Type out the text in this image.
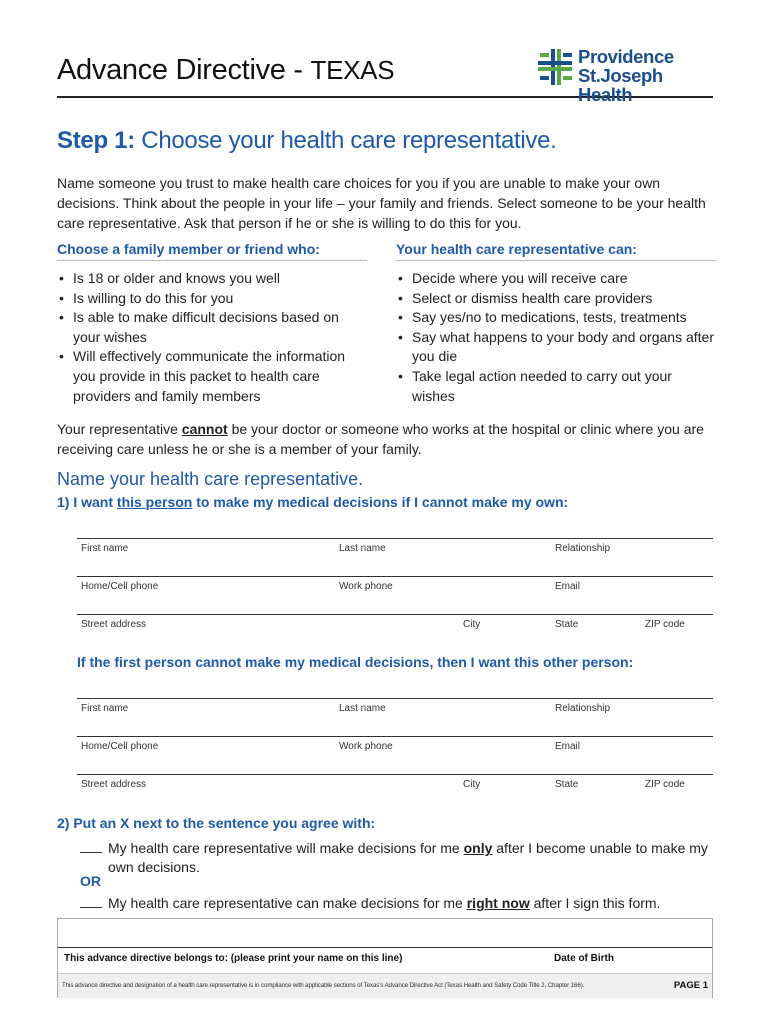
Advance Directive - TEXAS	Providence
St.Joseph Health
Step 1: Choose your health care representative.

Name someone you trust to make health care choices for you if you are unable to make your own decisions. Think about the people in your life – your family and friends. Select someone to be your health care representative. Ask that person if he or she is willing to do this for you.

Choose a family member or friend who:
• Is 18 or older and knows you well
• Is willing to do this for you
• Is able to make difficult decisions based on your wishes
• Will effectively communicate the information you provide in this packet to health care providers and family members
Your health care representative can:
• Decide where you will receive care
• Select or dismiss health care providers
• Say yes/no to medications, tests, treatments
• Say what happens to your body and organs after you die
• Take legal action needed to carry out your wishes

Your representative cannot be your doctor or someone who works at the hospital or clinic where you are receiving care unless he or she is a member of your family.

Name your health care representative.
1) I want this person to make my medical decisions if I cannot make my own:
First name	Last name	Relationship
Home/Cell phone	Work phone	Email
Street address	City	State	ZIP code
If the first person cannot make my medical decisions, then I want this other person:
First name	Last name	Relationship
Home/Cell phone	Work phone	Email
Street address	City	State	ZIP code
2) Put an X next to the sentence you agree with:
My health care representative will make decisions for me only after I become unable to make my own decisions.
OR
My health care representative can make decisions for me right now after I sign this form.
This advance directive belongs to: (please print your name on this line)	Date of Birth
This advance directive and designation of a health care representative is in compliance with applicable sections of Texas's Advance Directive Act (Texas Health and Safety Code Title 2, Chapter 166).	PAGE 1
